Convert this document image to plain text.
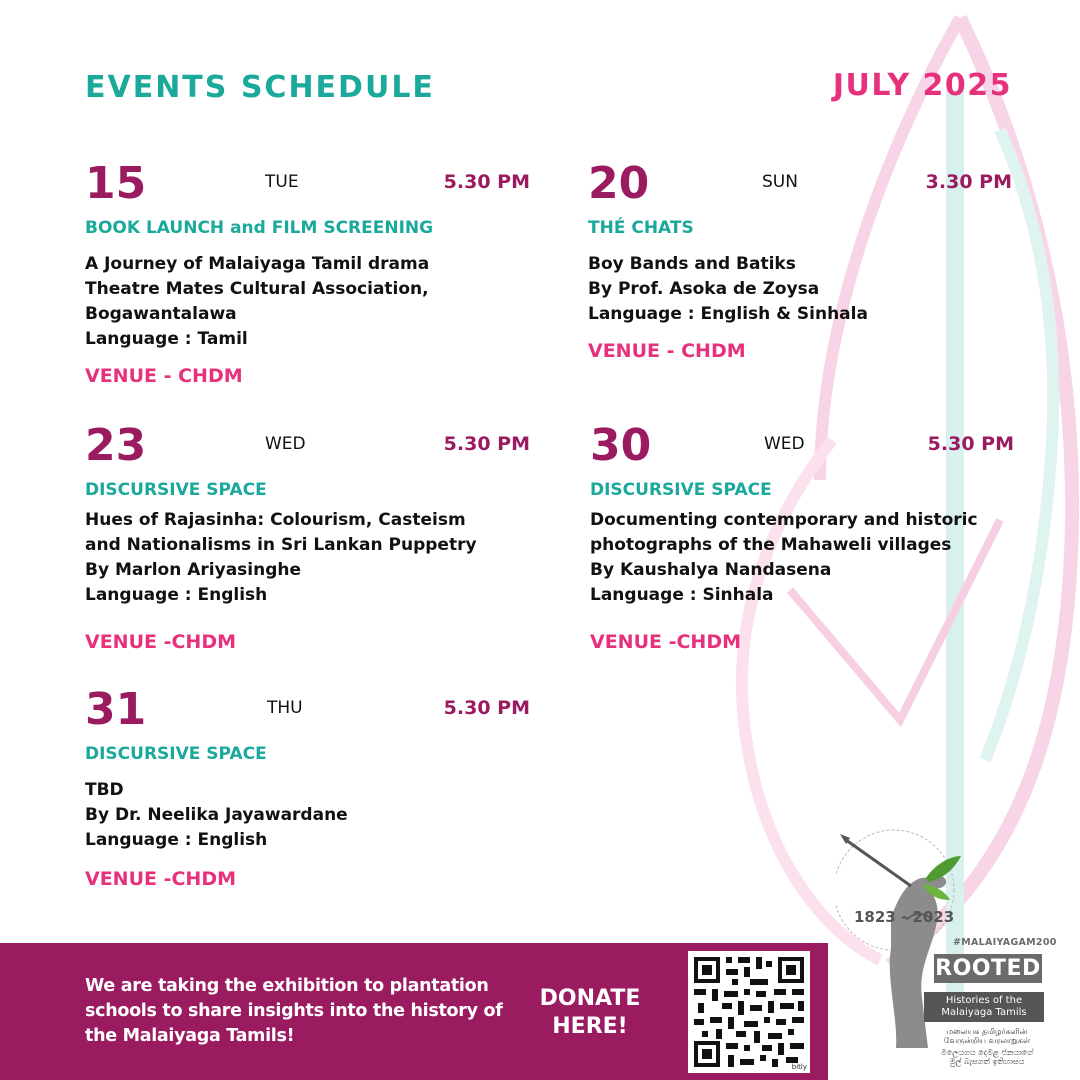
EVENTS SCHEDULE	JULY 2025
15	TUE	5.30 PM
BOOK LAUNCH and FILM SCREENING
A Journey of Malaiyaga Tamil drama
Theatre Mates Cultural Association,
Bogawantalawa
Language : Tamil
VENUE - CHDM
20	SUN	3.30 PM
THÉ CHATS
Boy Bands and Batiks
By Prof. Asoka de Zoysa
Language : English & Sinhala
VENUE - CHDM
23	WED	5.30 PM
DISCURSIVE SPACE
Hues of Rajasinha: Colourism, Casteism
and Nationalisms in Sri Lankan Puppetry
By Marlon Ariyasinghe
Language : English
VENUE -CHDM
30	WED	5.30 PM
DISCURSIVE SPACE
Documenting contemporary and historic
photographs of the Mahaweli villages
By Kaushalya Nandasena
Language : Sinhala
VENUE -CHDM
31	THU	5.30 PM
DISCURSIVE SPACE
TBD
By Dr. Neelika Jayawardane
Language : English
VENUE -CHDM
We are taking the exhibition to plantation schools to share insights into the history of the Malaiyaga Tamils!
DONATE
HERE!
bitly
1823 - 2023
#MALAIYAGAM200
ROOTED
Histories of the
Malaiyaga Tamils
மலையக தமிழர்களின்
வேருன்றிய வரலாறுகள்
මලෙයගය දෙමළ ජනයාගේ
මුල් බැසගත් ඉතිහාසය
